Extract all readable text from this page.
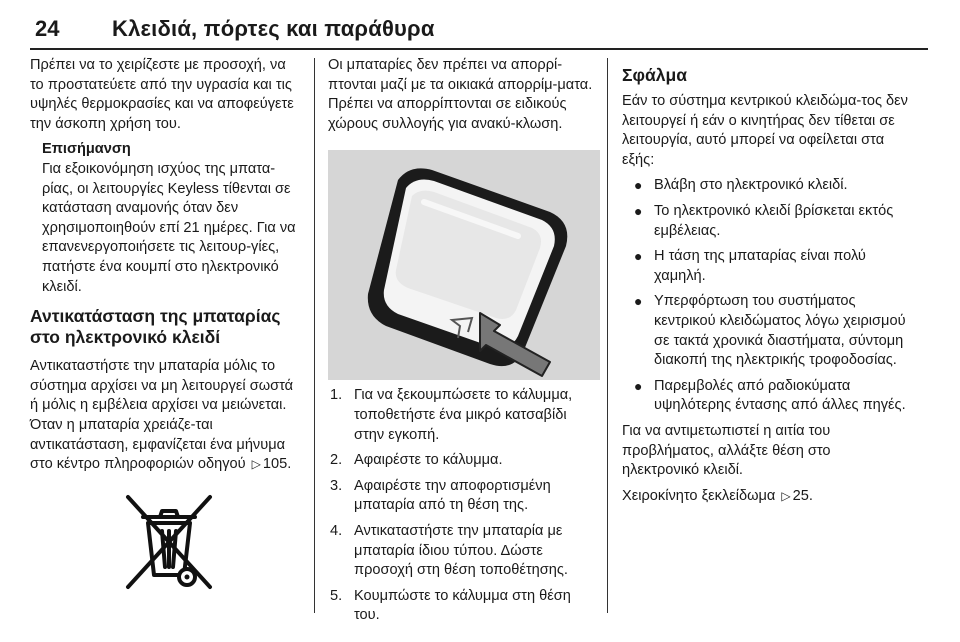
24 Κλειδιά, πόρτες και παράθυρα

Πρέπει να το χειρίζεστε με προσοχή, να το προστατεύετε από την υγρασία και τις υψηλές θερμοκρασίες και να αποφεύγετε την άσκοπη χρήση του.

Επισήμανση

Για εξοικονόμηση ισχύος της μπατα-ρίας, οι λειτουργίες Keyless τίθενται σε κατάσταση αναμονής όταν δεν χρησιμοποιηθούν επί 21 ημέρες. Για να επανενεργοποιήσετε τις λειτουρ-γίες, πατήστε ένα κουμπί στο ηλεκτρονικό κλειδί.

Αντικατάσταση της μπαταρίας στο ηλεκτρονικό κλειδί

Αντικαταστήστε την μπαταρία μόλις το σύστημα αρχίσει να μη λειτουργεί σωστά ή μόλις η εμβέλεια αρχίσει να μειώνεται. Όταν η μπαταρία χρειάζε-ται αντικατάσταση, εμφανίζεται ένα μήνυμα στο κέντρο πληροφοριών οδηγού ▷ 105.

Οι μπαταρίες δεν πρέπει να απορρί-πτονται μαζί με τα οικιακά απορρίμ-ματα. Πρέπει να απορρίπτονται σε ειδικούς χώρους συλλογής για ανακύ-κλωση.

1. Για να ξεκουμπώσετε το κάλυμμα, τοποθετήστε ένα μικρό κατσαβίδι στην εγκοπή.
2. Αφαιρέστε το κάλυμμα.
3. Αφαιρέστε την αποφορτισμένη μπαταρία από τη θέση της.
4. Αντικαταστήστε την μπαταρία με μπαταρία ίδιου τύπου. Δώστε προσοχή στη θέση τοποθέτησης.
5. Κουμπώστε το κάλυμμα στη θέση του.

Σφάλμα

Εάν το σύστημα κεντρικού κλειδώμα-τος δεν λειτουργεί ή εάν ο κινητήρας δεν τίθεται σε λειτουργία, αυτό μπορεί να οφείλεται στα εξής:

● Βλάβη στο ηλεκτρονικό κλειδί.
● Το ηλεκτρονικό κλειδί βρίσκεται εκτός εμβέλειας.
● Η τάση της μπαταρίας είναι πολύ χαμηλή.
● Υπερφόρτωση του συστήματος κεντρικού κλειδώματος λόγω χειρισμού σε τακτά χρονικά διαστήματα, σύντομη διακοπή της ηλεκτρικής τροφοδοσίας.
● Παρεμβολές από ραδιοκύματα υψηλότερης έντασης από άλλες πηγές.

Για να αντιμετωπιστεί η αιτία του προβλήματος, αλλάξτε θέση στο ηλεκτρονικό κλειδί.

Χειροκίνητο ξεκλείδωμα ▷ 25.
